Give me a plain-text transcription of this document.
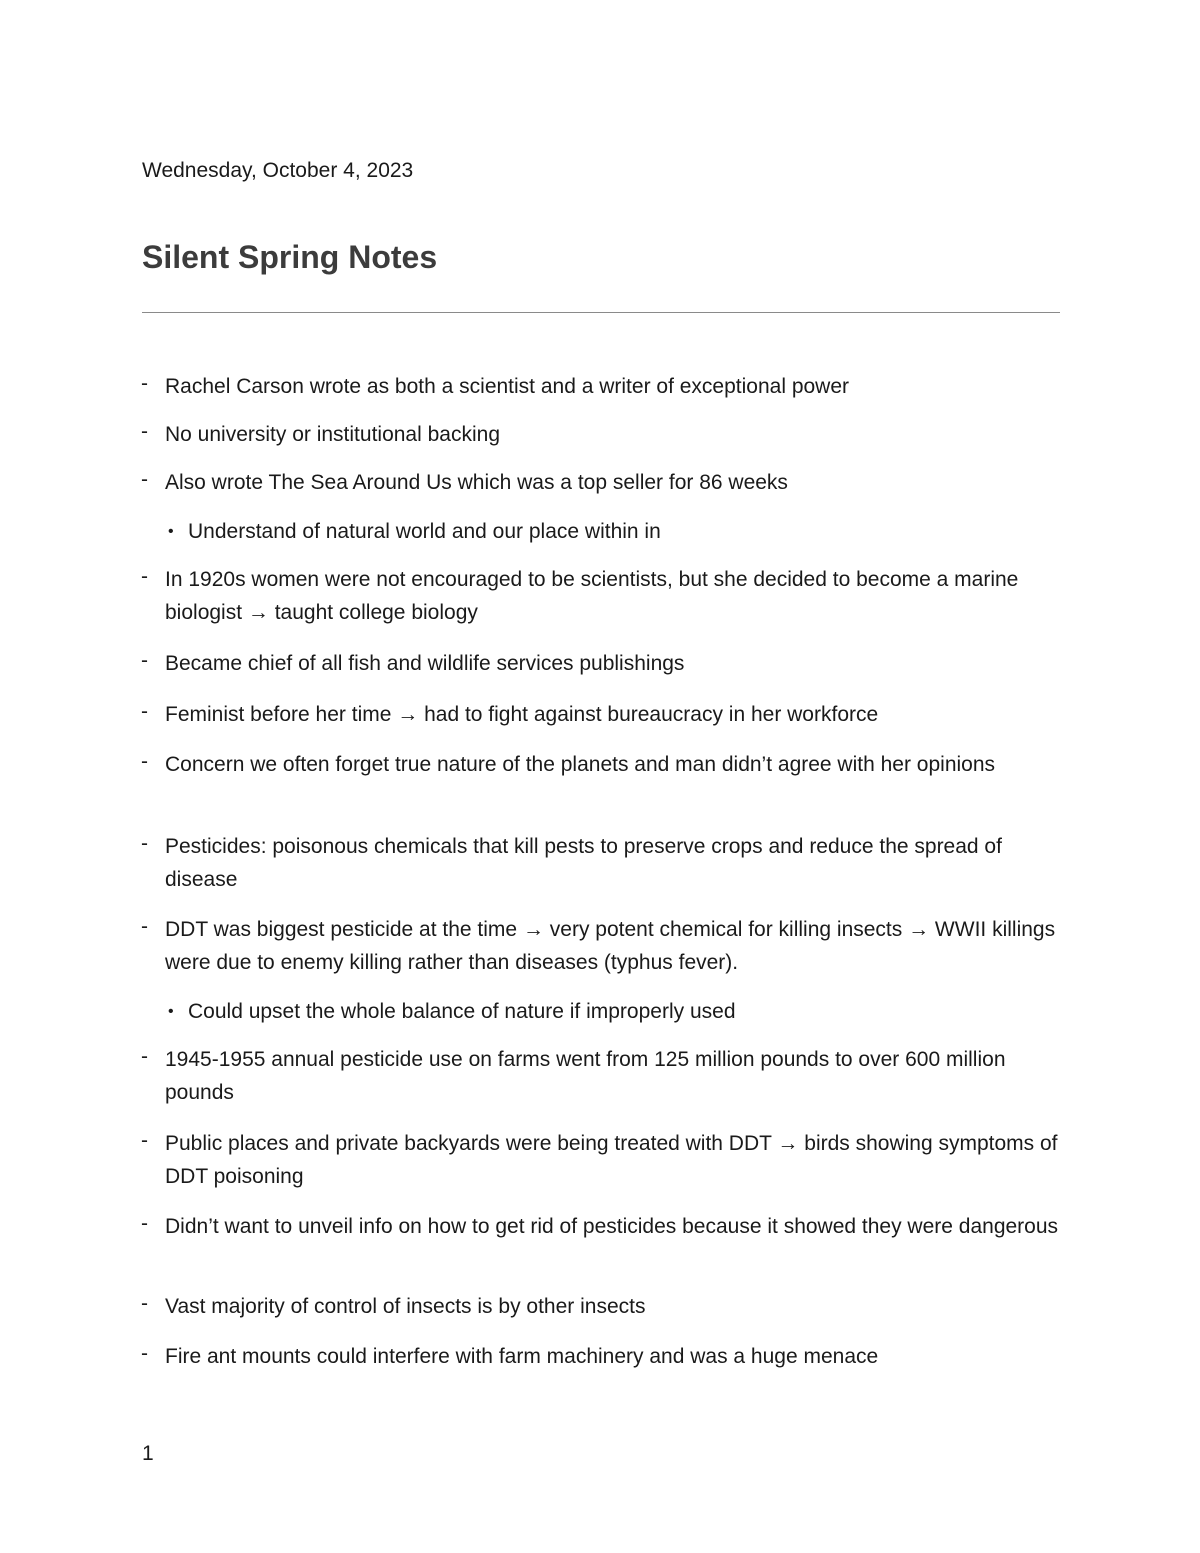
Wednesday, October 4, 2023
Silent Spring Notes
- Rachel Carson wrote as both a scientist and a writer of exceptional power
- No university or institutional backing
- Also wrote The Sea Around Us which was a top seller for 86 weeks
• Understand of natural world and our place within in
- In 1920s women were not encouraged to be scientists, but she decided to become a marine biologist → taught college biology
- Became chief of all fish and wildlife services publishings
- Feminist before her time → had to fight against bureaucracy in her workforce
- Concern we often forget true nature of the planets and man didn’t agree with her opinions
- Pesticides: poisonous chemicals that kill pests to preserve crops and reduce the spread of disease
- DDT was biggest pesticide at the time → very potent chemical for killing insects → WWII killings were due to enemy killing rather than diseases (typhus fever).
• Could upset the whole balance of nature if improperly used
- 1945-1955 annual pesticide use on farms went from 125 million pounds to over 600 million pounds
- Public places and private backyards were being treated with DDT → birds showing symptoms of DDT poisoning
- Didn’t want to unveil info on how to get rid of pesticides because it showed they were dangerous
- Vast majority of control of insects is by other insects
- Fire ant mounts could interfere with farm machinery and was a huge menace
1
